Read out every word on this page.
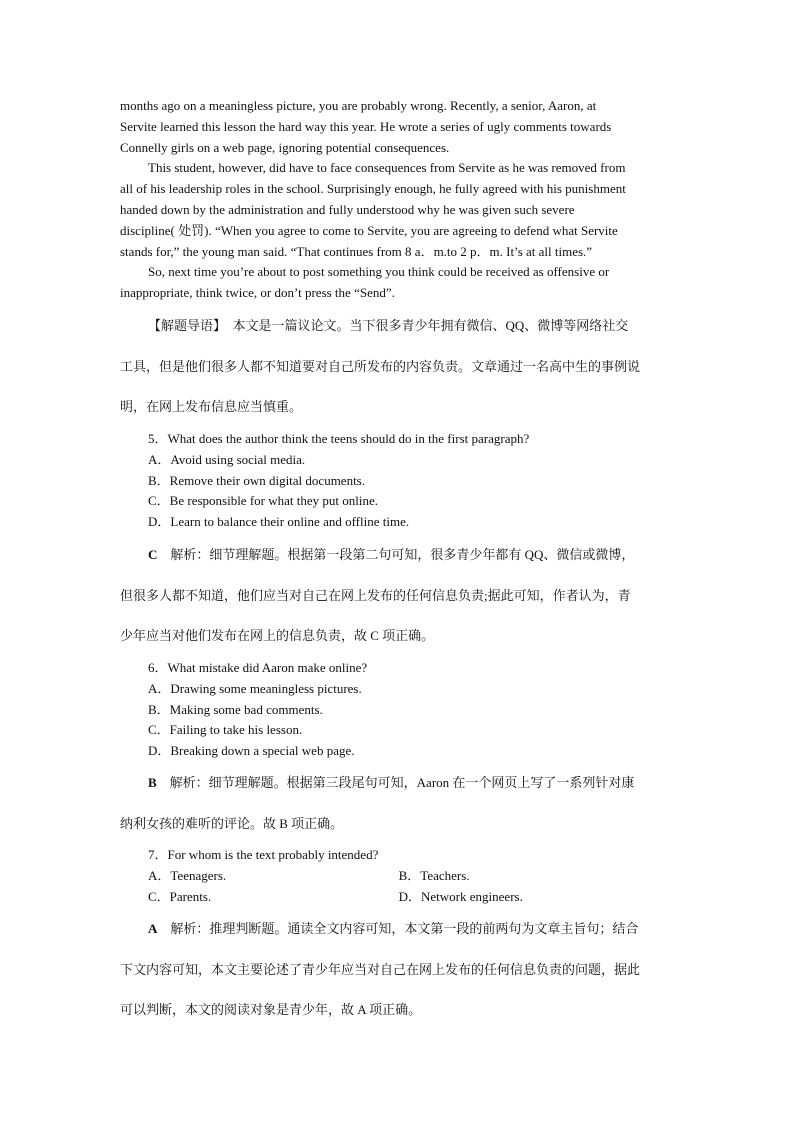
months ago on a meaningless picture, you are probably wrong. Recently, a senior, Aaron, at
Servite learned this lesson the hard way this year. He wrote a series of ugly comments towards
Connelly girls on a web page, ignoring potential consequences.

This student, however, did have to face consequences from Servite as he was removed from
all of his leadership roles in the school. Surprisingly enough, he fully agreed with his punishment
handed down by the administration and fully understood why he was given such severe
discipline( 处罚). “When you agree to come to Servite, you are agreeing to defend what Servite
stands for,” the young man said. “That continues from 8 a．m.to 2 p．m. It’s at all times.”

So, next time you’re about to post something you think could be received as offensive or
inappropriate, think twice, or don’t press the “Send”.

【解题导语】　本文是一篇议论文。当下很多青少年拥有微信、QQ、微博等网络社交

工具，但是他们很多人都不知道要对自己所发布的内容负责。文章通过一名高中生的事例说

明，在网上发布信息应当慎重。

5．What does the author think the teens should do in the first paragraph?
A．Avoid using social media.
B．Remove their own digital documents.
C．Be responsible for what they put online.
D．Learn to balance their online and offline time.

C　解析：细节理解题。根据第一段第二句可知，很多青少年都有 QQ、微信或微博，

但很多人都不知道，他们应当对自己在网上发布的任何信息负责;据此可知，作者认为，青

少年应当对他们发布在网上的信息负责，故 C 项正确。

6．What mistake did Aaron make online?
A．Drawing some meaningless pictures.
B．Making some bad comments.
C．Failing to take his lesson.
D．Breaking down a special web page.

B　解析：细节理解题。根据第三段尾句可知，Aaron 在一个网页上写了一系列针对康

纳利女孩的难听的评论。故 B 项正确。

7．For whom is the text probably intended?
A．Teenagers.	B．Teachers.
C．Parents.	D．Network engineers.

A　解析：推理判断题。通读全文内容可知，本文第一段的前两句为文章主旨句；结合

下文内容可知，本文主要论述了青少年应当对自己在网上发布的任何信息负责的问题，据此

可以判断，本文的阅读对象是青少年，故 A 项正确。
